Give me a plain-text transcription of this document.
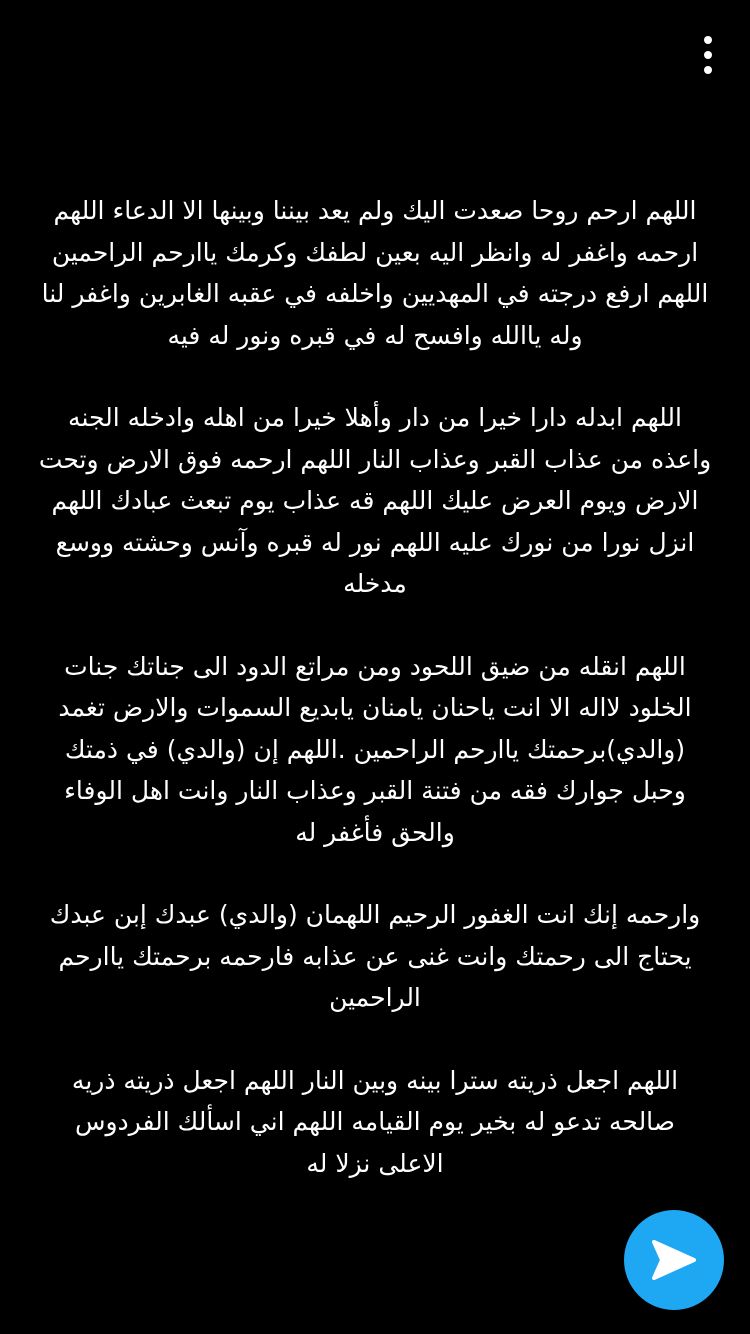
اللهم ارحم روحا صعدت اليك ولم يعد بيننا وبينها الا الدعاء اللهم
ارحمه واغفر له وانظر اليه بعين لطفك وكرمك ياارحم الراحمين
اللهم ارفع درجته في المهديين واخلفه في عقبه الغابرين واغفر لنا
وله ياالله وافسح له في قبره ونور له فيه

اللهم ابدله دارا خيرا من دار وأهلا خيرا من اهله وادخله الجنه
واعذه من عذاب القبر وعذاب النار اللهم ارحمه فوق الارض وتحت
الارض ويوم العرض عليك اللهم قه عذاب يوم تبعث عبادك اللهم
انزل نورا من نورك عليه اللهم نور له قبره وآنس وحشته ووسع
مدخله

اللهم انقله من ضيق اللحود ومن مراتع الدود الى جناتك جنات
الخلود لااله الا انت ياحنان يامنان يابديع السموات والارض تغمد
(والدي)برحمتك ياارحم الراحمين .اللهم إن (والدي) في ذمتك
وحبل جوارك فقه من فتنة القبر وعذاب النار وانت اهل الوفاء
والحق فأغفر له

وارحمه إنك انت الغفور الرحيم اللهمان (والدي) عبدك إبن عبدك
يحتاج الى رحمتك وانت غنى عن عذابه فارحمه برحمتك ياارحم
الراحمين

اللهم اجعل ذريته سترا بينه وبين النار اللهم اجعل ذريته ذريه
صالحه تدعو له بخير يوم القيامه اللهم اني اسألك الفردوس
الاعلى نزلا له
